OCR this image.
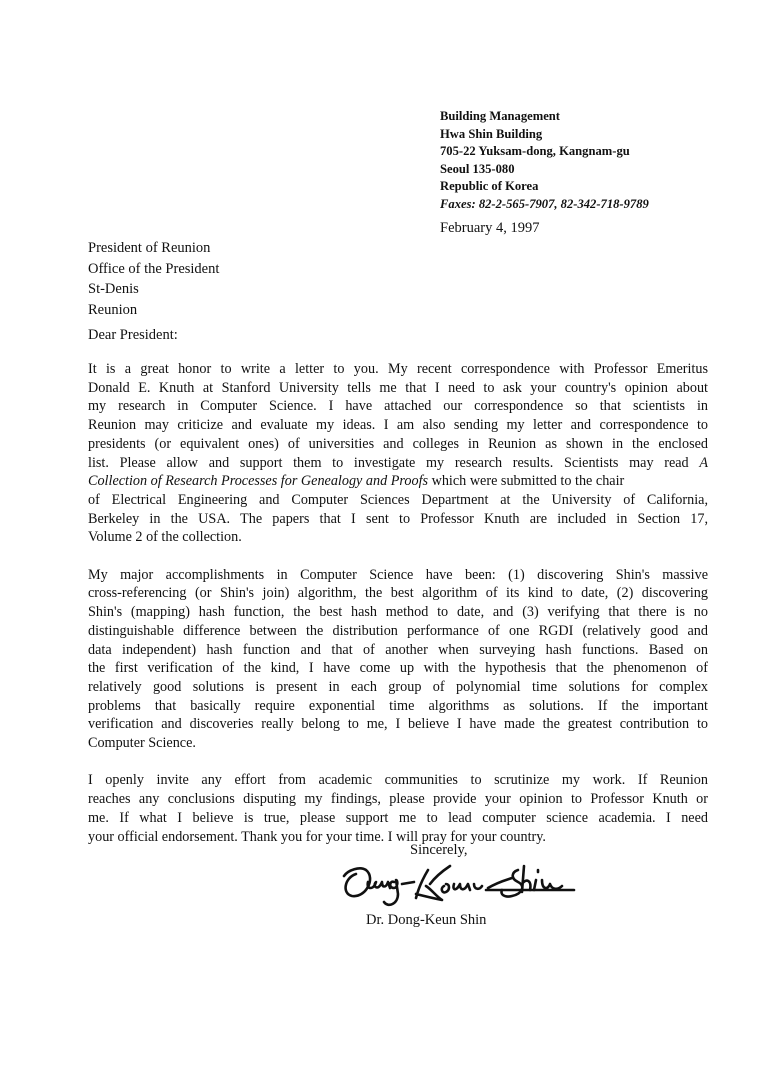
Building Management
Hwa Shin Building
705-22 Yuksam-dong, Kangnam-gu
Seoul 135-080
Republic of Korea
Faxes: 82-2-565-7907, 82-342-718-9789
February 4, 1997
President of Reunion
Office of the President
St-Denis
Reunion
Dear President:

It is a great honor to write a letter to you. My recent correspondence with Professor Emeritus
Donald E. Knuth at Stanford University tells me that I need to ask your country's opinion about
my research in Computer Science. I have attached our correspondence so that scientists in
Reunion may criticize and evaluate my ideas. I am also sending my letter and correspondence to
presidents (or equivalent ones) of universities and colleges in Reunion as shown in the enclosed
list. Please allow and support them to investigate my research results. Scientists may read A
Collection of Research Processes for Genealogy and Proofs which were submitted to the chair
of Electrical Engineering and Computer Sciences Department at the University of California,
Berkeley in the USA. The papers that I sent to Professor Knuth are included in Section 17,
Volume 2 of the collection.

My major accomplishments in Computer Science have been: (1) discovering Shin's massive
cross-referencing (or Shin's join) algorithm, the best algorithm of its kind to date, (2) discovering
Shin's (mapping) hash function, the best hash method to date, and (3) verifying that there is no
distinguishable difference between the distribution performance of one RGDI (relatively good and
data independent) hash function and that of another when surveying hash functions. Based on
the first verification of the kind, I have come up with the hypothesis that the phenomenon of
relatively good solutions is present in each group of polynomial time solutions for complex
problems that basically require exponential time algorithms as solutions. If the important
verification and discoveries really belong to me, I believe I have made the greatest contribution to
Computer Science.

I openly invite any effort from academic communities to scrutinize my work. If Reunion
reaches any conclusions disputing my findings, please provide your opinion to Professor Knuth or
me. If what I believe is true, please support me to lead computer science academia. I need
your official endorsement. Thank you for your time. I will pray for your country.

Sincerely,
Dr. Dong-Keun Shin
